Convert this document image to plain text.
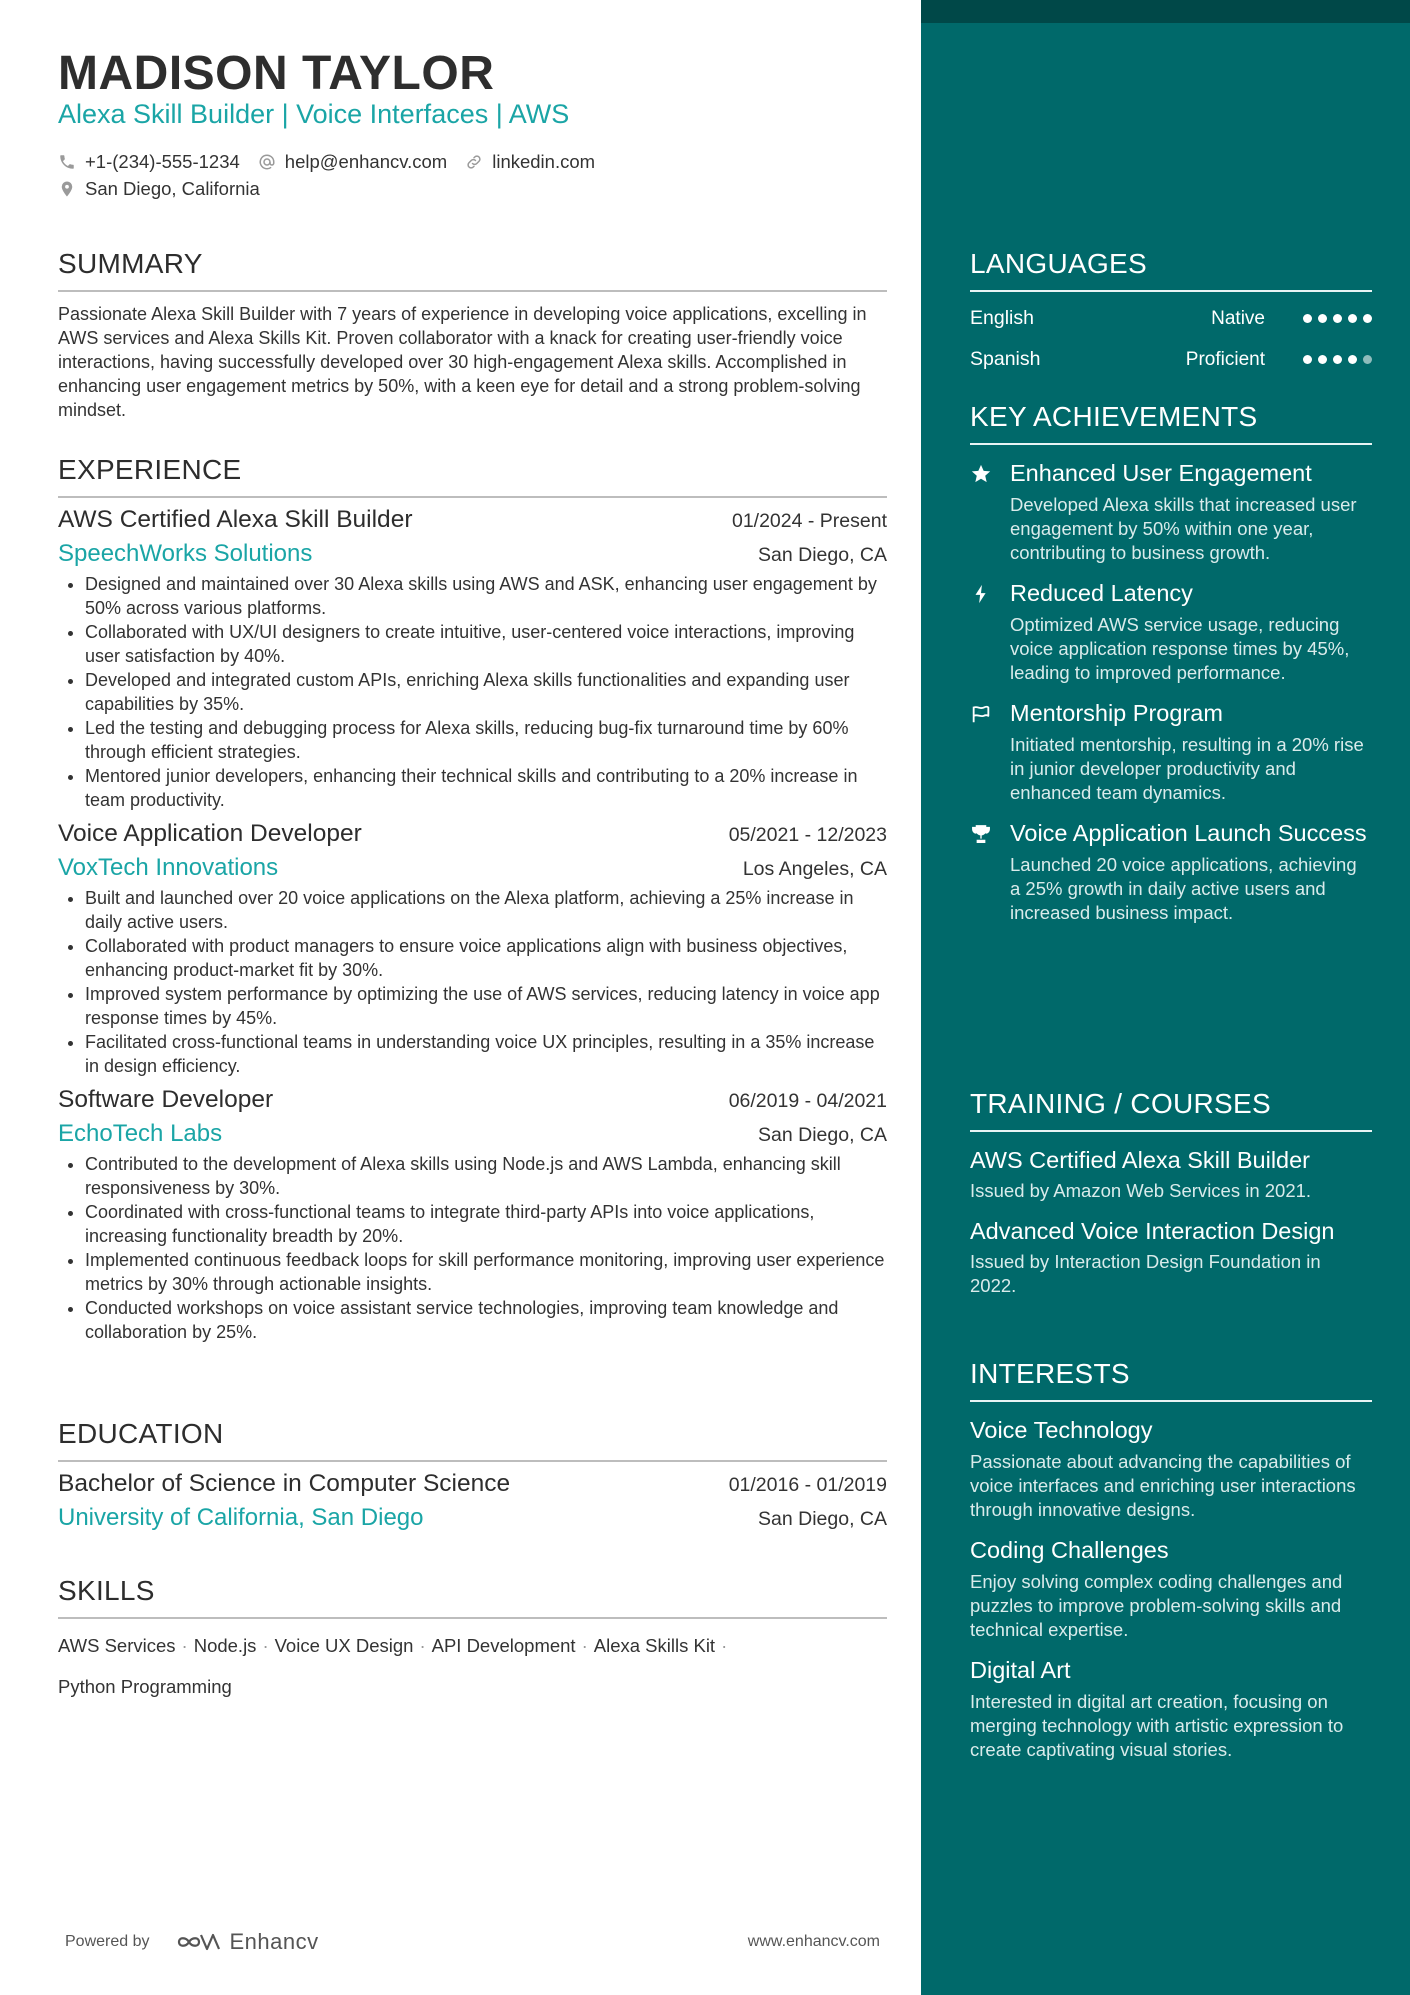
MADISON TAYLOR
Alexa Skill Builder | Voice Interfaces | AWS
+1-(234)-555-1234 help@enhancv.com linkedin.com
San Diego, California
SUMMARY
Passionate Alexa Skill Builder with 7 years of experience in developing voice applications, excelling in AWS services and Alexa Skills Kit. Proven collaborator with a knack for creating user-friendly voice interactions, having successfully developed over 30 high-engagement Alexa skills. Accomplished in enhancing user engagement metrics by 50%, with a keen eye for detail and a strong problem-solving mindset.
EXPERIENCE
AWS Certified Alexa Skill Builder	01/2024 - Present
SpeechWorks Solutions	San Diego, CA
• Designed and maintained over 30 Alexa skills using AWS and ASK, enhancing user engagement by 50% across various platforms.
• Collaborated with UX/UI designers to create intuitive, user-centered voice interactions, improving user satisfaction by 40%.
• Developed and integrated custom APIs, enriching Alexa skills functionalities and expanding user capabilities by 35%.
• Led the testing and debugging process for Alexa skills, reducing bug-fix turnaround time by 60% through efficient strategies.
• Mentored junior developers, enhancing their technical skills and contributing to a 20% increase in team productivity.
Voice Application Developer	05/2021 - 12/2023
VoxTech Innovations	Los Angeles, CA
• Built and launched over 20 voice applications on the Alexa platform, achieving a 25% increase in daily active users.
• Collaborated with product managers to ensure voice applications align with business objectives, enhancing product-market fit by 30%.
• Improved system performance by optimizing the use of AWS services, reducing latency in voice app response times by 45%.
• Facilitated cross-functional teams in understanding voice UX principles, resulting in a 35% increase in design efficiency.
Software Developer	06/2019 - 04/2021
EchoTech Labs	San Diego, CA
• Contributed to the development of Alexa skills using Node.js and AWS Lambda, enhancing skill responsiveness by 30%.
• Coordinated with cross-functional teams to integrate third-party APIs into voice applications, increasing functionality breadth by 20%.
• Implemented continuous feedback loops for skill performance monitoring, improving user experience metrics by 30% through actionable insights.
• Conducted workshops on voice assistant service technologies, improving team knowledge and collaboration by 25%.
EDUCATION
Bachelor of Science in Computer Science	01/2016 - 01/2019
University of California, San Diego	San Diego, CA
SKILLS
AWS Services · Node.js · Voice UX Design · API Development · Alexa Skills Kit ·
Python Programming
Powered by	Enhancv	www.enhancv.com
LANGUAGES
English	Native
Spanish	Proficient
KEY ACHIEVEMENTS
Enhanced User Engagement
Developed Alexa skills that increased user engagement by 50% within one year, contributing to business growth.
Reduced Latency
Optimized AWS service usage, reducing voice application response times by 45%, leading to improved performance.
Mentorship Program
Initiated mentorship, resulting in a 20% rise in junior developer productivity and enhanced team dynamics.
Voice Application Launch Success
Launched 20 voice applications, achieving a 25% growth in daily active users and increased business impact.
TRAINING / COURSES
AWS Certified Alexa Skill Builder
Issued by Amazon Web Services in 2021.
Advanced Voice Interaction Design
Issued by Interaction Design Foundation in 2022.
INTERESTS
Voice Technology
Passionate about advancing the capabilities of voice interfaces and enriching user interactions through innovative designs.
Coding Challenges
Enjoy solving complex coding challenges and puzzles to improve problem-solving skills and technical expertise.
Digital Art
Interested in digital art creation, focusing on merging technology with artistic expression to create captivating visual stories.
